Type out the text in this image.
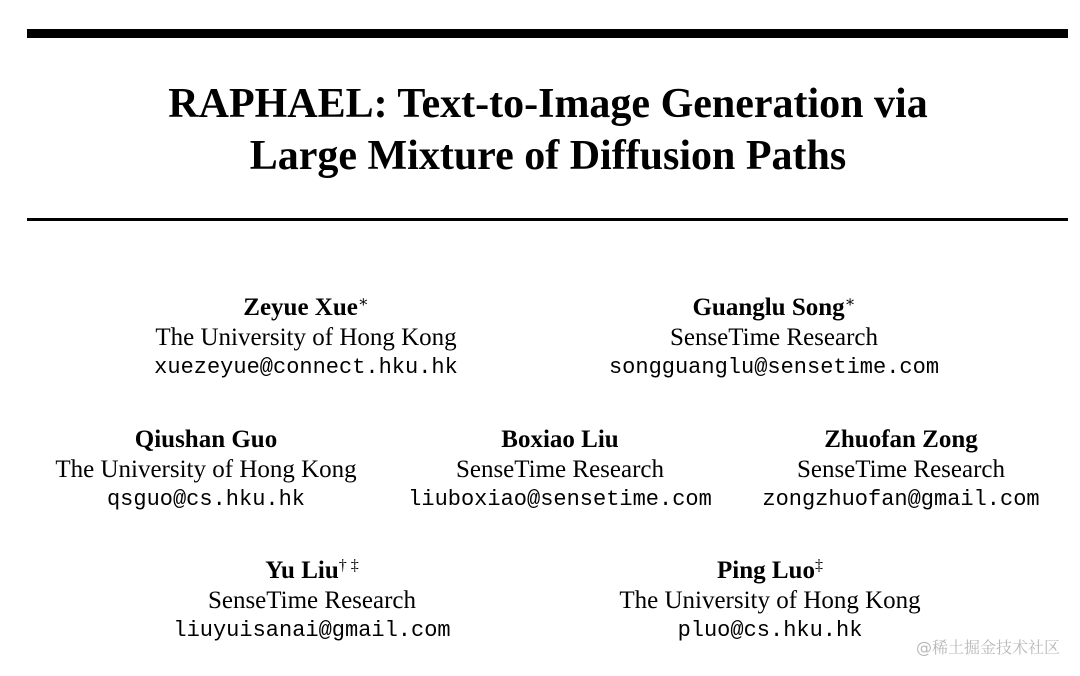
RAPHAEL: Text-to-Image Generation via
Large Mixture of Diffusion Paths
Zeyue Xue∗
The University of Hong Kong
xuezeyue@connect.hku.hk
Guanglu Song∗
SenseTime Research
songguanglu@sensetime.com
Qiushan Guo
The University of Hong Kong
qsguo@cs.hku.hk
Boxiao Liu
SenseTime Research
liuboxiao@sensetime.com
Zhuofan Zong
SenseTime Research
zongzhuofan@gmail.com
Yu Liu† ‡
SenseTime Research
liuyuisanai@gmail.com
Ping Luo‡
The University of Hong Kong
pluo@cs.hku.hk
@稀土掘金技术社区
